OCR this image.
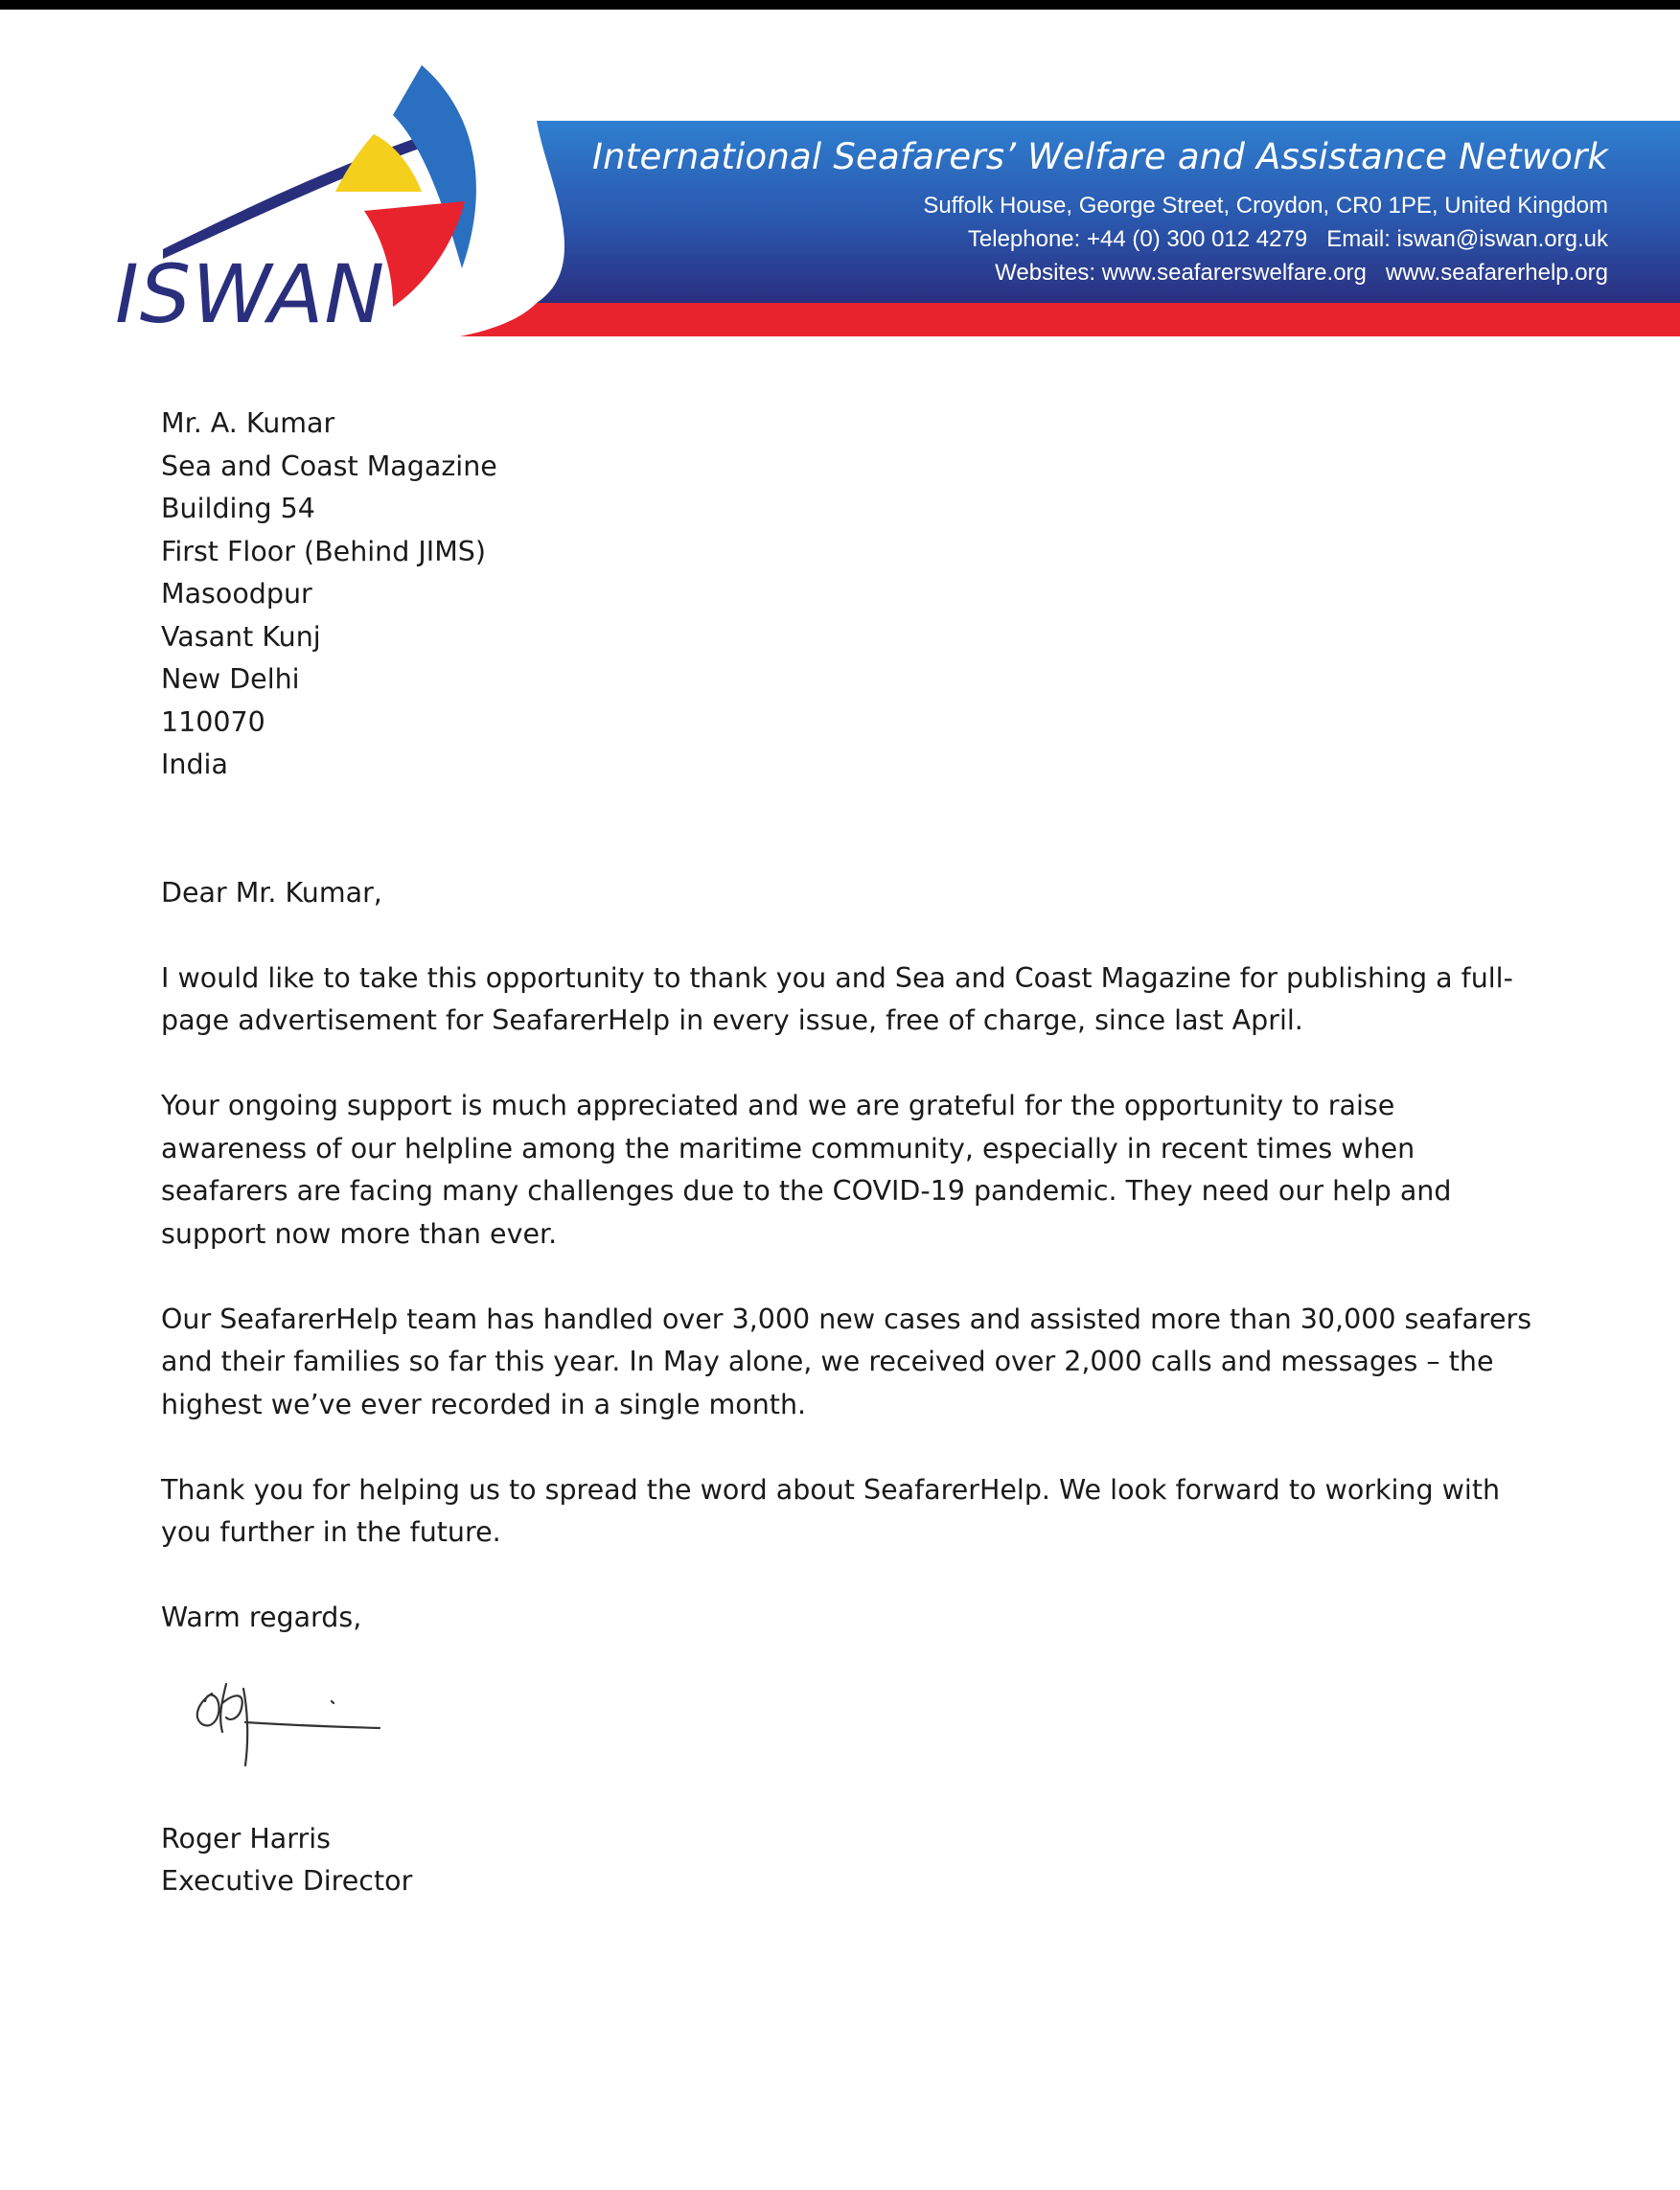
ISWAN

International Seafarers’ Welfare and Assistance Network

Suffolk House, George Street, Croydon, CR0 1PE, United Kingdom

Telephone: +44 (0) 300 012 4279 Email: iswan@iswan.org.uk

Websites: www.seafarerswelfare.org www.seafarerhelp.org

Mr. A. Kumar

Sea and Coast Magazine

Building 54

First Floor (Behind JIMS)

Masoodpur

Vasant Kunj

New Delhi

110070

India

Dear Mr. Kumar,

I would like to take this opportunity to thank you and Sea and Coast Magazine for publishing a full-page advertisement for SeafarerHelp in every issue, free of charge, since last April.

Your ongoing support is much appreciated and we are grateful for the opportunity to raise awareness of our helpline among the maritime community, especially in recent times when seafarers are facing many challenges due to the COVID-19 pandemic. They need our help and support now more than ever.

Our SeafarerHelp team has handled over 3,000 new cases and assisted more than 30,000 seafarers and their families so far this year. In May alone, we received over 2,000 calls and messages – the highest we’ve ever recorded in a single month.

Thank you for helping us to spread the word about SeafarerHelp. We look forward to working with you further in the future.

Warm regards,

Roger Harris

Executive Director
